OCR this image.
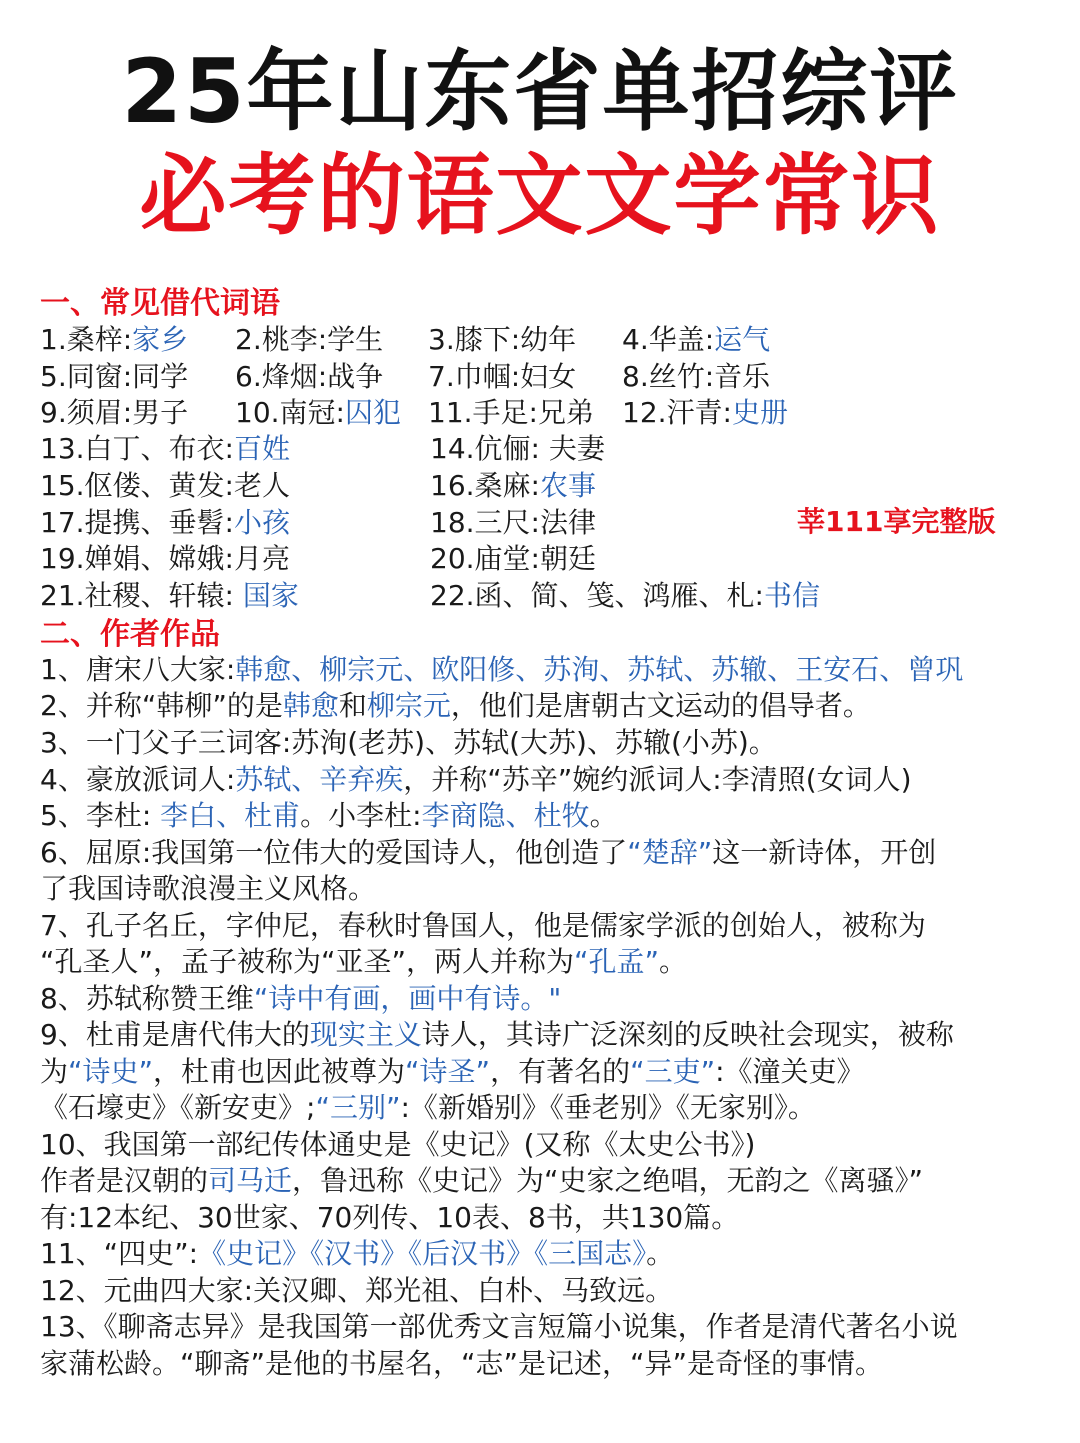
25年山东省单招综评
必考的语文文学常识
一、常见借代词语
1.桑梓:家乡 2.桃李:学生 3.膝下:幼年 4.华盖:运气
5.同窗:同学 6.烽烟:战争 7.巾帼:妇女 8.丝竹:音乐
9.须眉:男子 10.南冠:囚犯 11.手足:兄弟 12.汗青:史册
13.白丁、布衣:百姓	14.伉俪: 夫妻
15.伛偻、黄发:老人	16.桑麻:农事
17.提携、垂髫:小孩	18.三尺:法律	莘111享完整版
19.婵娟、嫦娥:月亮	20.庙堂:朝廷
21.社稷、轩辕: 国家	22.函、简、笺、鸿雁、札:书信
二、作者作品
1、唐宋八大家:韩愈、柳宗元、欧阳修、苏洵、苏轼、苏辙、王安石、曾巩
2、并称“韩柳”的是韩愈和柳宗元，他们是唐朝古文运动的倡导者。
3、一门父子三词客:苏洵(老苏)、苏轼(大苏)、苏辙(小苏)。
4、豪放派词人:苏轼、辛弃疾，并称“苏辛”婉约派词人:李清照(女词人)
5、李杜: 李白、杜甫。小李杜:李商隐、杜牧。
6、屈原:我国第一位伟大的爱国诗人，他创造了“楚辞”这一新诗体，开创
了我国诗歌浪漫主义风格。
7、孔子名丘，字仲尼，春秋时鲁国人，他是儒家学派的创始人，被称为
“孔圣人”，孟子被称为“亚圣”，两人并称为“孔孟”。
8、苏轼称赞王维“诗中有画，画中有诗。"
9、杜甫是唐代伟大的现实主义诗人，其诗广泛深刻的反映社会现实，被称
为“诗史”，杜甫也因此被尊为“诗圣”，有著名的“三吏”:《潼关吏》
《石壕吏》《新安吏》;“三别”:《新婚别》《垂老别》《无家别》。
10、我国第一部纪传体通史是《史记》(又称《太史公书》)
作者是汉朝的司马迁，鲁迅称《史记》为“史家之绝唱，无韵之《离骚》”
有:12本纪、30世家、70列传、10表、8书，共130篇。
11、“四史”:《史记》《汉书》《后汉书》《三国志》。
12、元曲四大家:关汉卿、郑光祖、白朴、马致远。
13、《聊斋志异》是我国第一部优秀文言短篇小说集，作者是清代著名小说
家蒲松龄。“聊斋”是他的书屋名，“志”是记述，“异”是奇怪的事情。
